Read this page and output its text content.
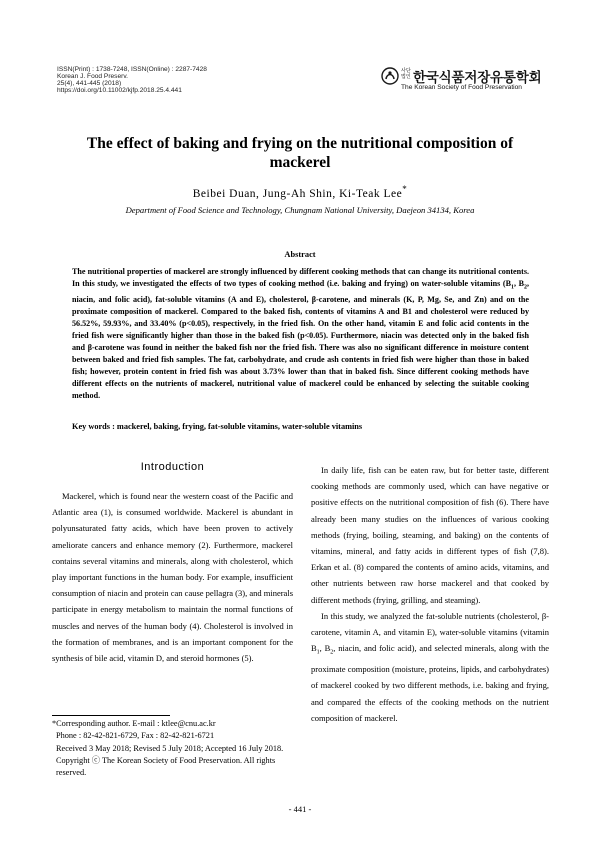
ISSN(Print) : 1738-7248, ISSN(Online) : 2287-7428
Korean J. Food Preserv.
25(4), 441-445 (2018)
https://doi.org/10.11002/kjfp.2018.25.4.441
사단법인 한국식품저장유통학회
The Korean Society of Food Preservation
The effect of baking and frying on the nutritional composition of mackerel
Beibei Duan, Jung-Ah Shin, Ki-Teak Lee*
Department of Food Science and Technology, Chungnam National University, Daejeon 34134, Korea
Abstract
The nutritional properties of mackerel are strongly influenced by different cooking methods that can change its nutritional contents. In this study, we investigated the effects of two types of cooking method (i.e. baking and frying) on water-soluble vitamins ($B_1$, $B_2$, niacin, and folic acid), fat-soluble vitamins (A and E), cholesterol, β-carotene, and minerals (K, P, Mg, Se, and Zn) and on the proximate composition of mackerel. Compared to the baked fish, contents of vitamins A and B1 and cholesterol were reduced by 56.52%, 59.93%, and 33.40% (p<0.05), respectively, in the fried fish. On the other hand, vitamin E and folic acid contents in the fried fish were significantly higher than those in the baked fish (p<0.05). Furthermore, niacin was detected only in the baked fish and β-carotene was found in neither the baked fish nor the fried fish. There was also no significant difference in moisture content between baked and fried fish samples. The fat, carbohydrate, and crude ash contents in fried fish were higher than those in baked fish; however, protein content in fried fish was about 3.73% lower than that in baked fish. Since different cooking methods have different effects on the nutrients of mackerel, nutritional value of mackerel could be enhanced by selecting the suitable cooking method.
Key words : mackerel, baking, frying, fat-soluble vitamins, water-soluble vitamins
Introduction

Mackerel, which is found near the western coast of the Pacific and Atlantic area (1), is consumed worldwide. Mackerel is abundant in polyunsaturated fatty acids, which have been proven to actively ameliorate cancers and enhance memory (2). Furthermore, mackerel contains several vitamins and minerals, along with cholesterol, which play important functions in the human body. For example, insufficient consumption of niacin and protein can cause pellagra (3), and minerals participate in energy metabolism to maintain the normal functions of muscles and nerves of the human body (4). Cholesterol is involved in the formation of membranes, and is an important component for the synthesis of bile acid, vitamin D, and steroid hormones (5).

*Corresponding author. E-mail : ktlee@cnu.ac.kr
Phone : 82-42-821-6729, Fax : 82-42-821-6721
Received 3 May 2018; Revised 5 July 2018; Accepted 16 July 2018.
Copyright ⓒ The Korean Society of Food Preservation. All rights reserved.

In daily life, fish can be eaten raw, but for better taste, different cooking methods are commonly used, which can have negative or positive effects on the nutritional composition of fish (6). There have already been many studies on the influences of various cooking methods (frying, boiling, steaming, and baking) on the contents of vitamins, mineral, and fatty acids in different types of fish (7,8). Erkan et al. (8) compared the contents of amino acids, vitamins, and other nutrients between raw horse mackerel and that cooked by different methods (frying, grilling, and steaming).

In this study, we analyzed the fat-soluble nutrients (cholesterol, β-carotene, vitamin A, and vitamin E), water-soluble vitamins (vitamin $B_1$, $B_2$, niacin, and folic acid), and selected minerals, along with the proximate composition (moisture, proteins, lipids, and carbohydrates) of mackerel cooked by two different methods, i.e. baking and frying, and compared the effects of the cooking methods on the nutrient composition of mackerel.

- 441 -
